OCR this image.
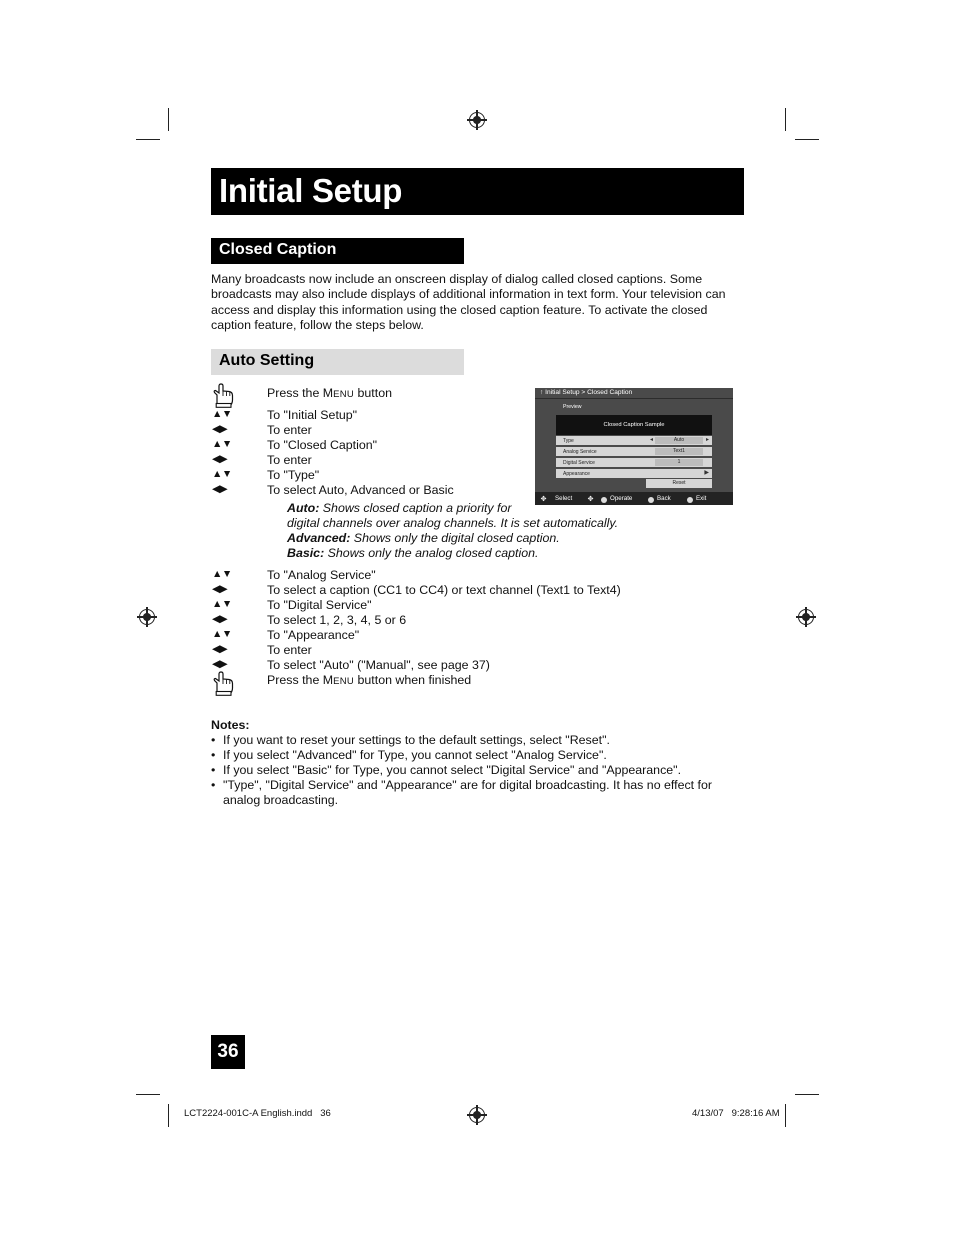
Initial Setup
Closed Caption

Many broadcasts now include an onscreen display of dialog called closed captions. Some broadcasts may also include displays of additional information in text form. Your television can access and display this information using the closed caption feature. To activate the closed caption feature, follow the steps below.

Auto Setting
Press the MENU button
▲▼	To "Initial Setup"
◀▶	To enter
▲▼	To "Closed Caption"
◀▶	To enter
▲▼	To "Type"
◀▶	To select Auto, Advanced or Basic
Auto: Shows closed caption a priority for
digital channels over analog channels. It is set automatically.
Advanced: Shows only the digital closed caption.
Basic: Shows only the analog closed caption.
▲▼	To "Analog Service"
◀▶	To select a caption (CC1 to CC4) or text channel (Text1 to Text4)
▲▼	To "Digital Service"
◀▶	To select 1, 2, 3, 4, 5 or 6
▲▼	To "Appearance"
◀▶	To enter
◀▶	To select "Auto" ("Manual", see page 37)
Press the MENU button when finished
↑ Initial Setup > Closed Caption
Preview
Closed Caption Sample
Type	◂	Auto	▸
Analog Service	Text1
Digital Service	1
Appearance	▶
Reset
✥ Select ✥	Operate	Back	Exit
Notes:
• If you want to reset your settings to the default settings, select "Reset".
• If you select "Advanced" for Type, you cannot select "Analog Service".
• If you select "Basic" for Type, you cannot select "Digital Service" and "Appearance".
• "Type", "Digital Service" and "Appearance" are for digital broadcasting. It has no effect for analog broadcasting.
36
LCT2224-001C-A English.indd   36	4/13/07   9:28:16 AM
